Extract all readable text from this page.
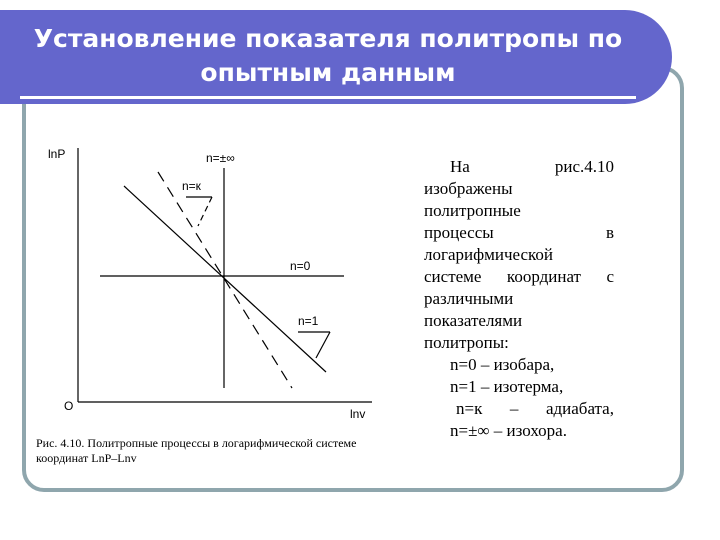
Установление показателя политропы по
опытным данным
lnP
lnv
O
n=±∞
n=к
n=0
n=1
Рис. 4.10. Политропные процессы в логарифмической системе
координат LnP–Lnv
На	рис.4.10
изображены
политропные
процессы	в
логарифмической
системе координат с
различными
показателями
политропы:
n=0 – изобара,
n=1 – изотерма,
n=к – адиабата,
n=±∞ – изохора.
